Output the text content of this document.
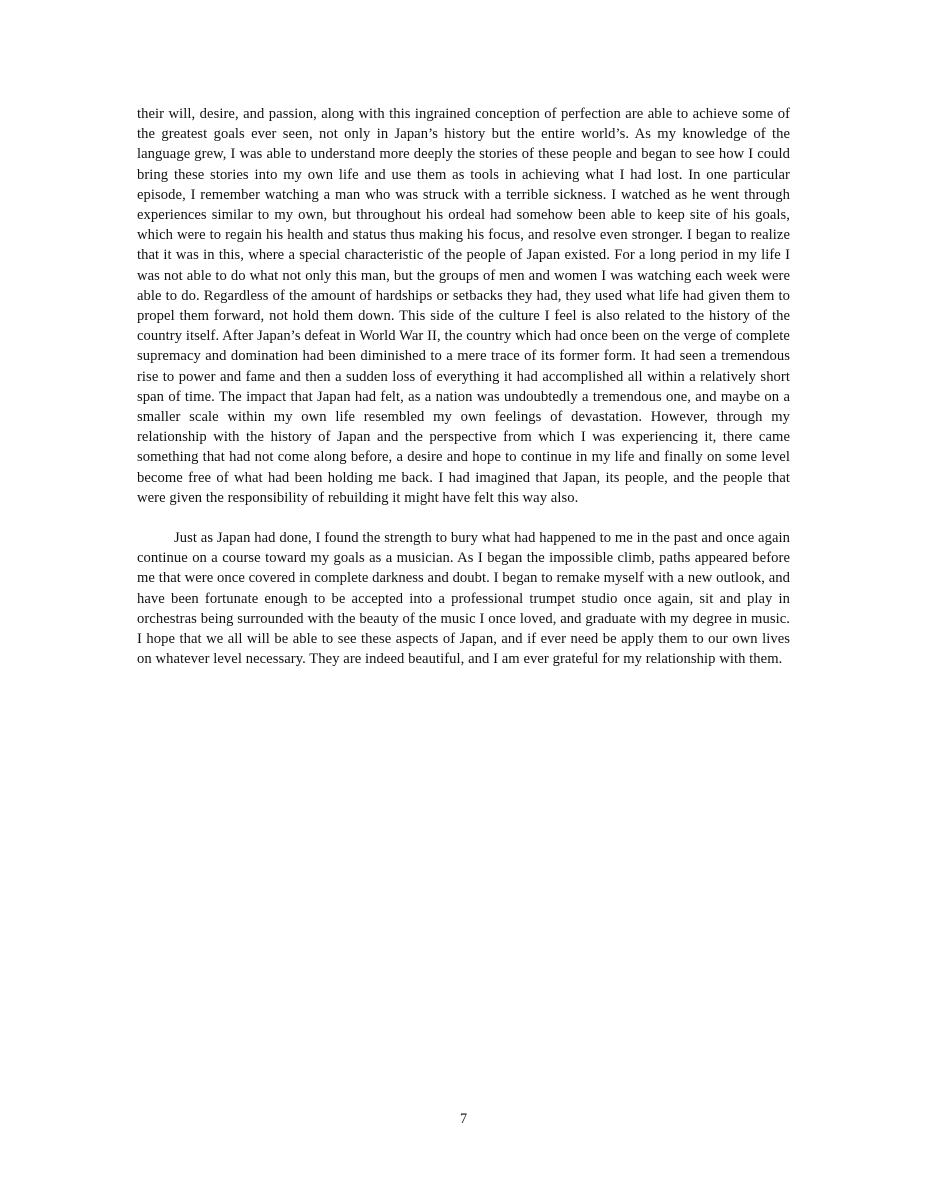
their will, desire, and passion, along with this ingrained conception of perfection are able to achieve some of the greatest goals ever seen, not only in Japan’s history but the entire world’s. As my knowledge of the language grew, I was able to understand more deeply the stories of these people and began to see how I could bring these stories into my own life and use them as tools in achieving what I had lost. In one particular episode, I remember watching a man who was struck with a terrible sickness. I watched as he went through experiences similar to my own, but throughout his ordeal had somehow been able to keep site of his goals, which were to regain his health and status thus making his focus, and resolve even stronger. I began to realize that it was in this, where a special characteristic of the people of Japan existed. For a long period in my life I was not able to do what not only this man, but the groups of men and women I was watching each week were able to do. Regardless of the amount of hardships or setbacks they had, they used what life had given them to propel them forward, not hold them down. This side of the culture I feel is also related to the history of the country itself. After Japan’s defeat in World War II, the country which had once been on the verge of complete supremacy and domination had been diminished to a mere trace of its former form. It had seen a tremendous rise to power and fame and then a sudden loss of everything it had accomplished all within a relatively short span of time. The impact that Japan had felt, as a nation was undoubtedly a tremendous one, and maybe on a smaller scale within my own life resembled my own feelings of devastation. However, through my relationship with the history of Japan and the perspective from which I was experiencing it, there came something that had not come along before, a desire and hope to continue in my life and finally on some level become free of what had been holding me back. I had imagined that Japan, its people, and the people that were given the responsibility of rebuilding it might have felt this way also.

Just as Japan had done, I found the strength to bury what had happened to me in the past and once again continue on a course toward my goals as a musician. As I began the impossible climb, paths appeared before me that were once covered in complete darkness and doubt. I began to remake myself with a new outlook, and have been fortunate enough to be accepted into a professional trumpet studio once again, sit and play in orchestras being surrounded with the beauty of the music I once loved, and graduate with my degree in music. I hope that we all will be able to see these aspects of Japan, and if ever need be apply them to our own lives on whatever level necessary. They are indeed beautiful, and I am ever grateful for my relationship with them.

7
